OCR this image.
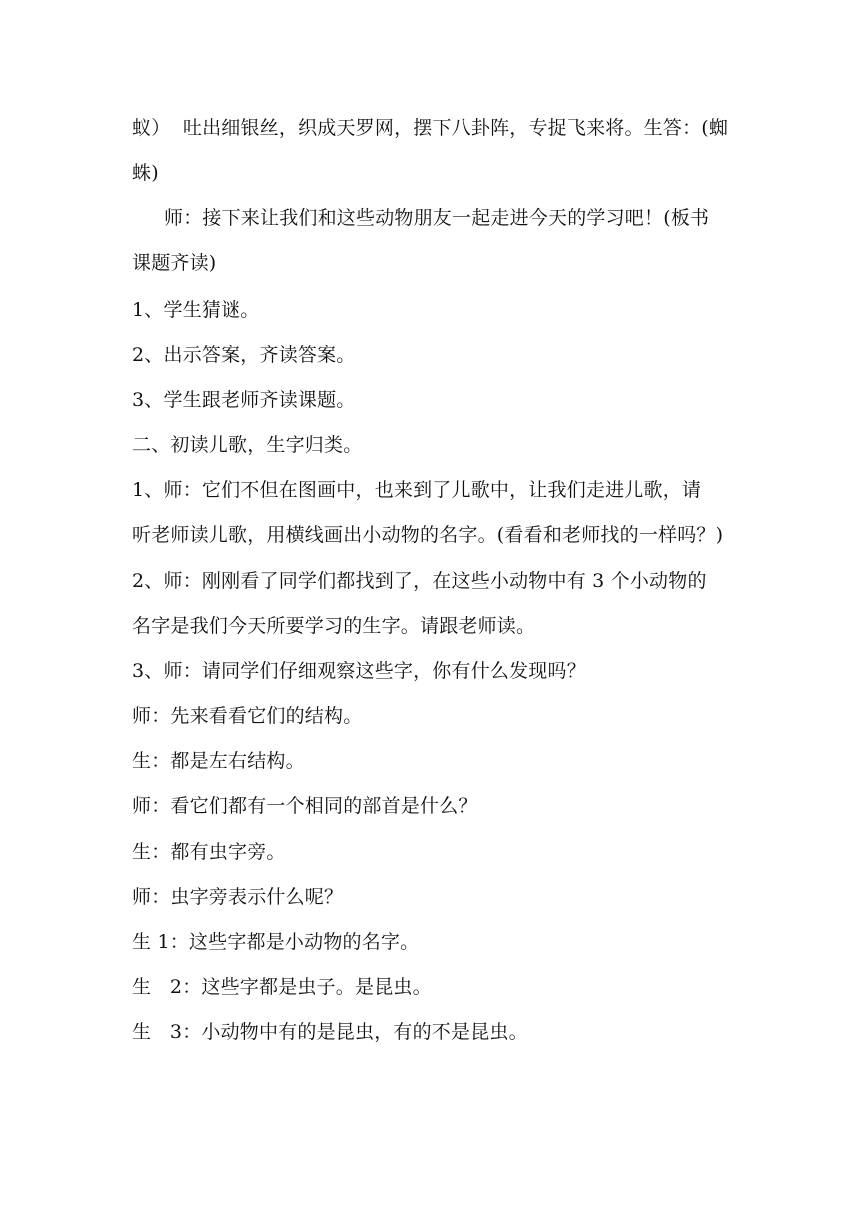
蚁）  吐出细银丝，织成天罗网，摆下八卦阵，专捉飞来将。生答：(蜘
蛛)
师：接下来让我们和这些动物朋友一起走进今天的学习吧！(板书
课题齐读)
1、学生猜谜。
2、出示答案，齐读答案。
3、学生跟老师齐读课题。
二、初读儿歌，生字归类。
1、师：它们不但在图画中，也来到了儿歌中，让我们走进儿歌，请
听老师读儿歌，用横线画出小动物的名字。(看看和老师找的一样吗？)
2、师：刚刚看了同学们都找到了，在这些小动物中有 3 个小动物的
名字是我们今天所要学习的生字。请跟老师读。
3、师：请同学们仔细观察这些字，你有什么发现吗？
师：先来看看它们的结构。
生：都是左右结构。
师：看它们都有一个相同的部首是什么？
生：都有虫字旁。
师：虫字旁表示什么呢？
生 1：这些字都是小动物的名字。
生   2：这些字都是虫子。是昆虫。
生   3：小动物中有的是昆虫，有的不是昆虫。
